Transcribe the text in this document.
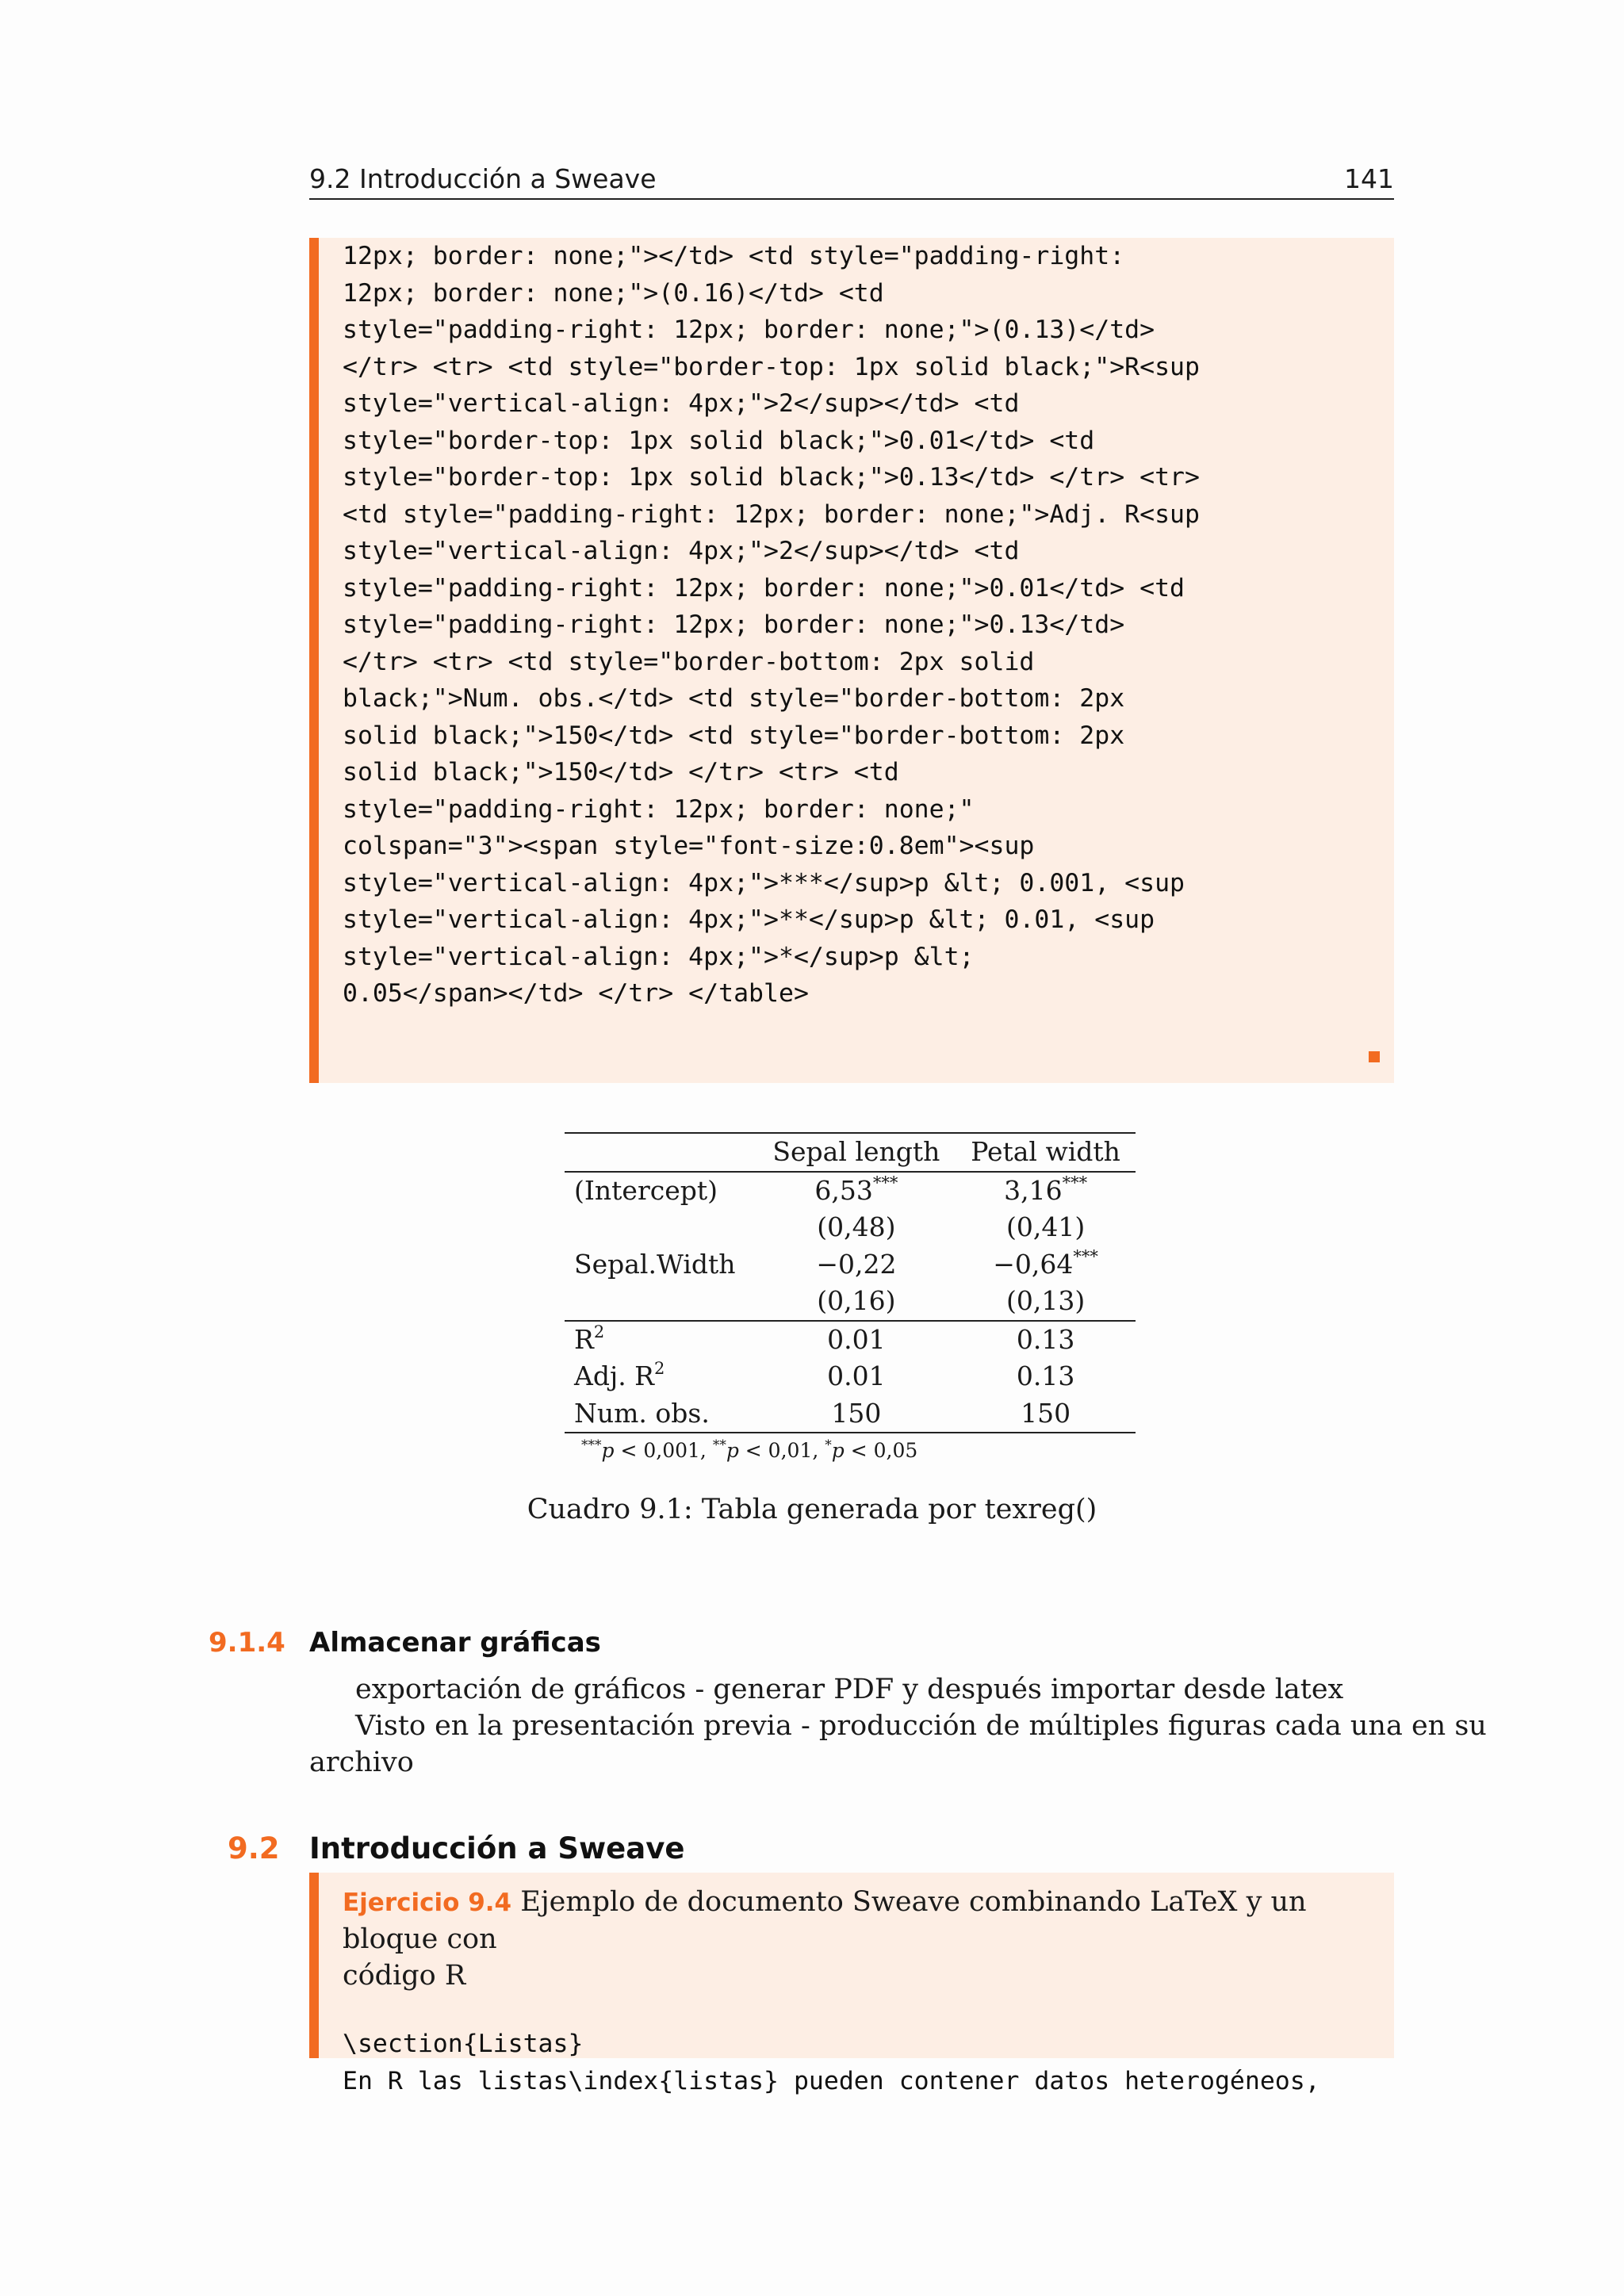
9.2 Introducción a Sweave	141
12px; border: none;"></td> <td style="padding-right:
12px; border: none;">(0.16)</td> <td
style="padding-right: 12px; border: none;">(0.13)</td>
</tr> <tr> <td style="border-top: 1px solid black;">R<sup
style="vertical-align: 4px;">2</sup></td> <td
style="border-top: 1px solid black;">0.01</td> <td
style="border-top: 1px solid black;">0.13</td> </tr> <tr>
<td style="padding-right: 12px; border: none;">Adj. R<sup
style="vertical-align: 4px;">2</sup></td> <td
style="padding-right: 12px; border: none;">0.01</td> <td
style="padding-right: 12px; border: none;">0.13</td>
</tr> <tr> <td style="border-bottom: 2px solid
black;">Num. obs.</td> <td style="border-bottom: 2px
solid black;">150</td> <td style="border-bottom: 2px
solid black;">150</td> </tr> <tr> <td
style="padding-right: 12px; border: none;"
colspan="3"><span style="font-size:0.8em"><sup
style="vertical-align: 4px;">***</sup>p &lt; 0.001, <sup
style="vertical-align: 4px;">**</sup>p &lt; 0.01, <sup
style="vertical-align: 4px;">*</sup>p &lt;
0.05</span></td> </tr> </table>
	Sepal length	Petal width
(Intercept)	6,53***	3,16***
	(0,48)	(0,41)
Sepal.Width	−0,22	−0,64***
	(0,16)	(0,13)
$R^2$	0.01	0.13
Adj. $R^2$	0.01	0.13
Num. obs.	150	150
***p < 0,001, **p < 0,01, *p < 0,05
Cuadro 9.1: Tabla generada por texreg()
9.1.4 Almacenar gráficas
exportación de gráficos - generar PDF y después importar desde latex
Visto en la presentación previa - producción de múltiples figuras cada una en su
archivo
9.2 Introducción a Sweave
Ejercicio 9.4 Ejemplo de documento Sweave combinando LaTeX y un bloque con
código R
\section{Listas}
En R las listas\index{listas} pueden contener datos heterogéneos,
